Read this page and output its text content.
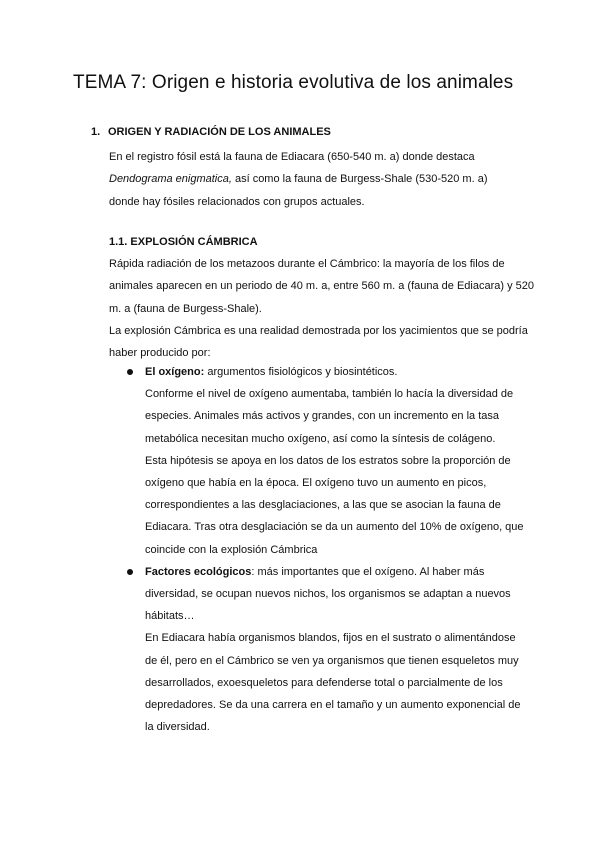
TEMA 7: Origen e historia evolutiva de los animales
1. ORIGEN Y RADIACIÓN DE LOS ANIMALES
En el registro fósil está la fauna de Ediacara (650-540 m. a) donde destaca
Dendograma enigmatica, así como la fauna de Burgess-Shale (530-520 m. a)
donde hay fósiles relacionados con grupos actuales.
1.1. EXPLOSIÓN CÁMBRICA
Rápida radiación de los metazoos durante el Cámbrico: la mayoría de los filos de
animales aparecen en un periodo de 40 m. a, entre 560 m. a (fauna de Ediacara) y 520
m. a (fauna de Burgess-Shale).
La explosión Cámbrica es una realidad demostrada por los yacimientos que se podría
haber producido por:
El oxígeno: argumentos fisiológicos y biosintéticos.
Conforme el nivel de oxígeno aumentaba, también lo hacía la diversidad de
especies. Animales más activos y grandes, con un incremento en la tasa
metabólica necesitan mucho oxígeno, así como la síntesis de colágeno.
Esta hipótesis se apoya en los datos de los estratos sobre la proporción de
oxígeno que había en la época. El oxígeno tuvo un aumento en picos,
correspondientes a las desglaciaciones, a las que se asocian la fauna de
Ediacara. Tras otra desglaciación se da un aumento del 10% de oxígeno, que
coincide con la explosión Cámbrica
Factores ecológicos: más importantes que el oxígeno. Al haber más
diversidad, se ocupan nuevos nichos, los organismos se adaptan a nuevos
hábitats…
En Ediacara había organismos blandos, fijos en el sustrato o alimentándose
de él, pero en el Cámbrico se ven ya organismos que tienen esqueletos muy
desarrollados, exoesqueletos para defenderse total o parcialmente de los
depredadores. Se da una carrera en el tamaño y un aumento exponencial de
la diversidad.
